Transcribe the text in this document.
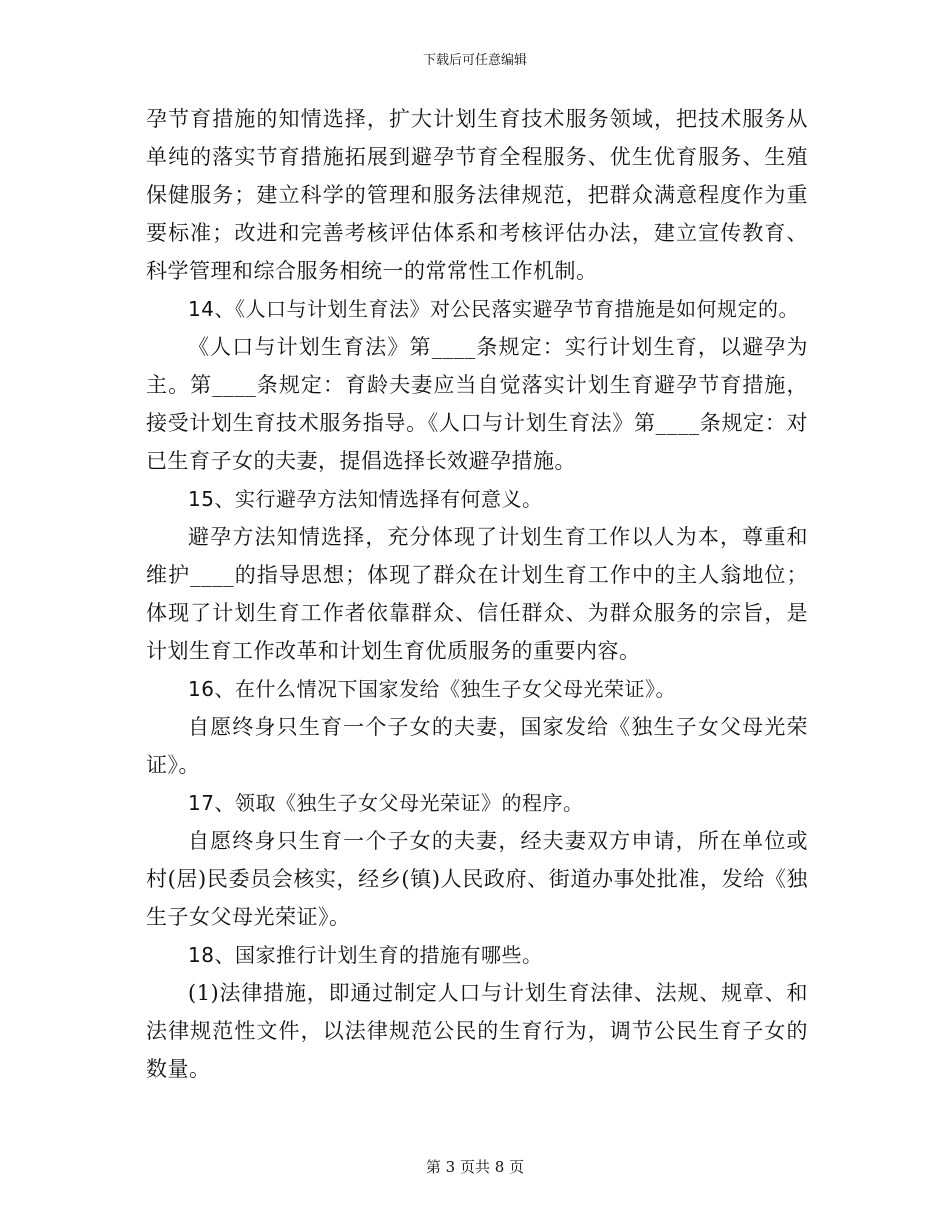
下载后可任意编辑

孕节育措施的知情选择，扩大计划生育技术服务领域，把技术服务从单纯的落实节育措施拓展到避孕节育全程服务、优生优育服务、生殖保健服务；建立科学的管理和服务法律规范，把群众满意程度作为重要标准；改进和完善考核评估体系和考核评估办法，建立宣传教育、科学管理和综合服务相统一的常常性工作机制。

14、《人口与计划生育法》对公民落实避孕节育措施是如何规定的。

《人口与计划生育法》第____条规定：实行计划生育，以避孕为主。第____条规定：育龄夫妻应当自觉落实计划生育避孕节育措施，接受计划生育技术服务指导。《人口与计划生育法》第____条规定：对已生育子女的夫妻，提倡选择长效避孕措施。

15、实行避孕方法知情选择有何意义。

避孕方法知情选择，充分体现了计划生育工作以人为本，尊重和维护____的指导思想；体现了群众在计划生育工作中的主人翁地位；体现了计划生育工作者依靠群众、信任群众、为群众服务的宗旨，是计划生育工作改革和计划生育优质服务的重要内容。

16、在什么情况下国家发给《独生子女父母光荣证》。

自愿终身只生育一个子女的夫妻，国家发给《独生子女父母光荣证》。

17、领取《独生子女父母光荣证》的程序。

自愿终身只生育一个子女的夫妻，经夫妻双方申请，所在单位或村(居)民委员会核实，经乡(镇)人民政府、街道办事处批准，发给《独生子女父母光荣证》。

18、国家推行计划生育的措施有哪些。

(1)法律措施，即通过制定人口与计划生育法律、法规、规章、和法律规范性文件，以法律规范公民的生育行为，调节公民生育子女的数量。

第 3 页共 8 页
